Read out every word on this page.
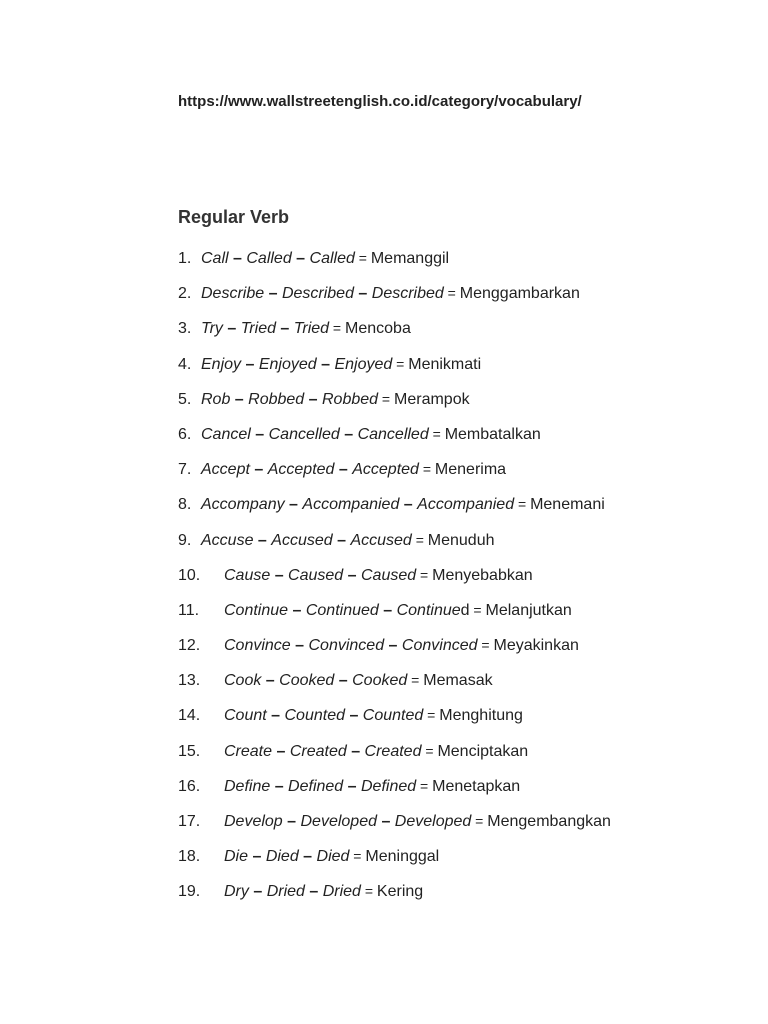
https://www.wallstreetenglish.co.id/category/vocabulary/
Regular Verb
1. Call – Called – Called = Memanggil
2. Describe – Described – Described = Menggambarkan
3. Try – Tried – Tried = Mencoba
4. Enjoy – Enjoyed – Enjoyed = Menikmati
5. Rob – Robbed – Robbed = Merampok
6. Cancel – Cancelled – Cancelled = Membatalkan
7. Accept – Accepted – Accepted = Menerima
8. Accompany – Accompanied – Accompanied = Menemani
9. Accuse – Accused – Accused = Menuduh
10. Cause – Caused – Caused = Menyebabkan
11. Continue – Continued – Continued = Melanjutkan
12. Convince – Convinced – Convinced = Meyakinkan
13. Cook – Cooked – Cooked = Memasak
14. Count – Counted – Counted = Menghitung
15. Create – Created – Created = Menciptakan
16. Define – Defined – Defined = Menetapkan
17. Develop – Developed – Developed = Mengembangkan
18. Die – Died – Died = Meninggal
19. Dry – Dried – Dried = Kering
